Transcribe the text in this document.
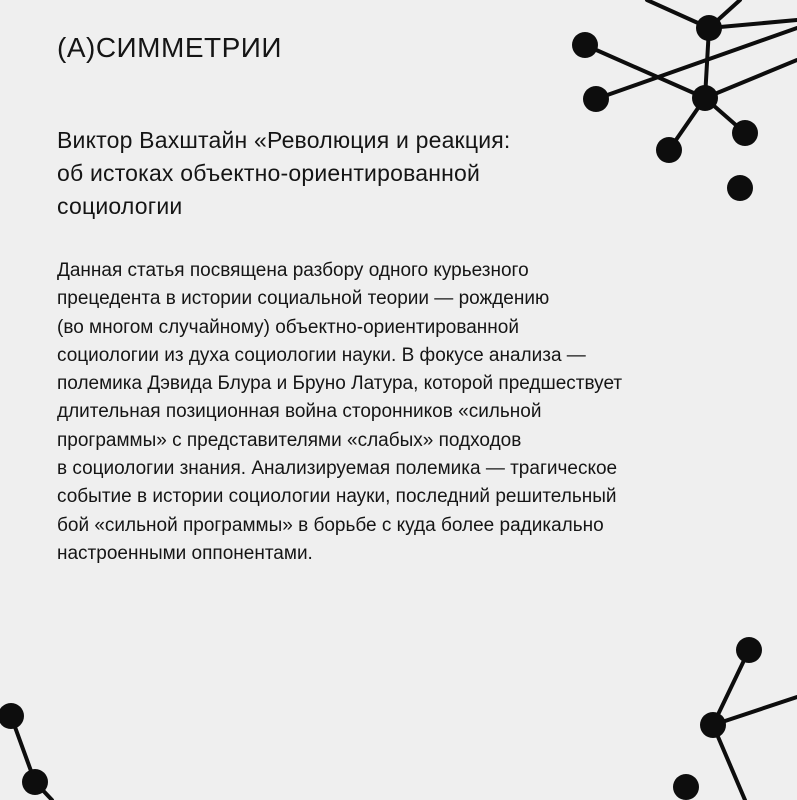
(А)СИММЕТРИИ
Виктор Вахштайн «Революция и реакция:
об истоках объектно-ориентированной
социологии
Данная статья посвящена разбору одного курьезного
прецедента в истории социальной теории — рождению
(во многом случайному) объектно-ориентированной
социологии из духа социологии науки. В фокусе анализа —
полемика Дэвида Блура и Бруно Латура, которой предшествует
длительная позиционная война сторонников «сильной
программы» с представителями «слабых» подходов
в социологии знания. Анализируемая полемика — трагическое
событие в истории социологии науки, последний решительный
бой «сильной программы» в борьбе с куда более радикально
настроенными оппонентами.
